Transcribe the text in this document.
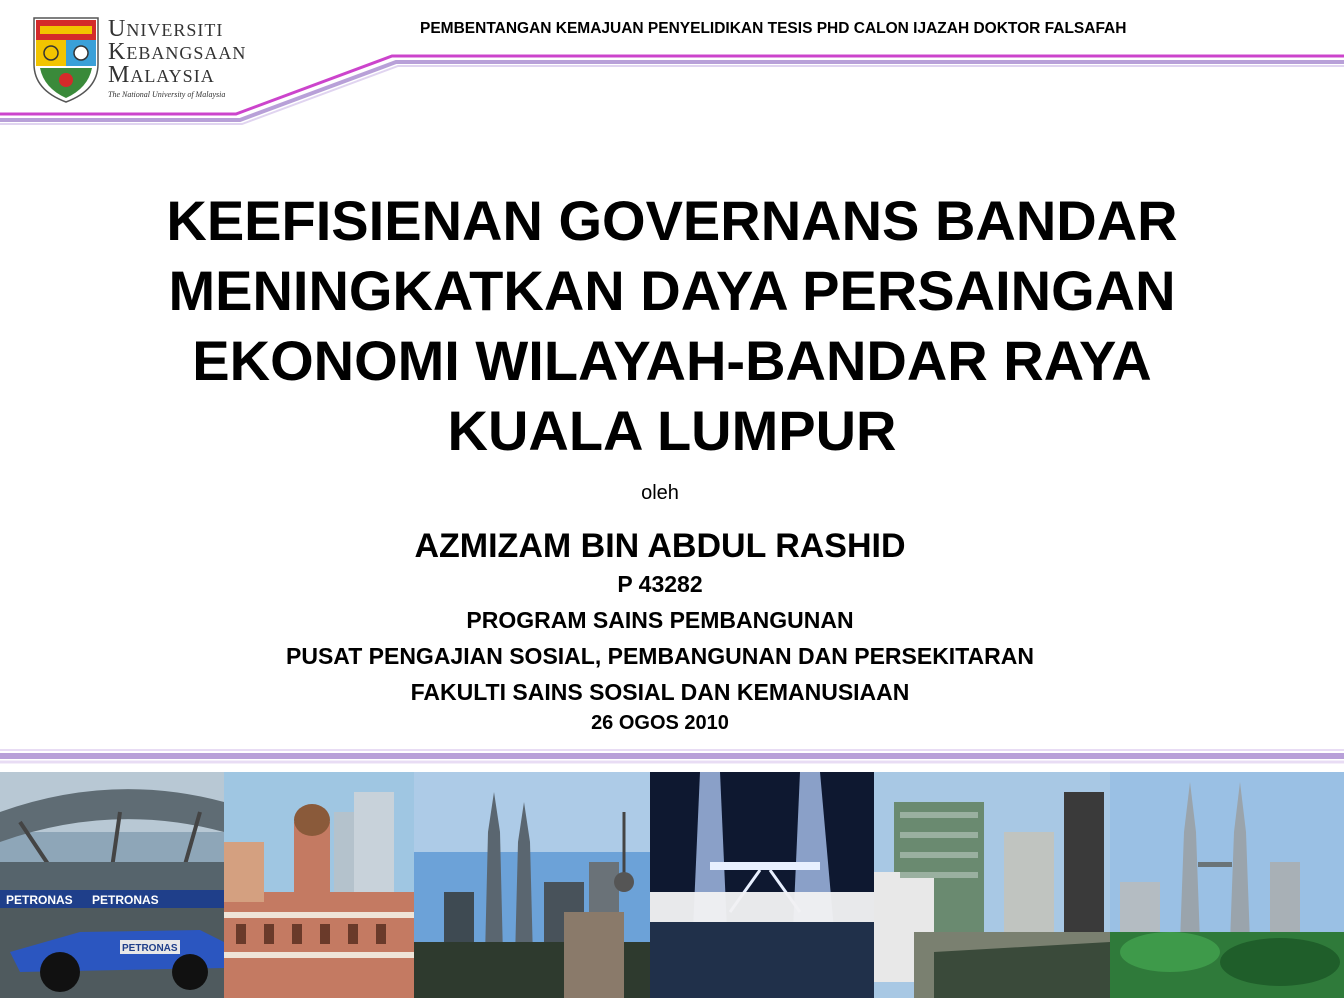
UNIVERSITI
KEBANGSAAN
MALAYSIA
The National University of Malaysia
PEMBENTANGAN KEMAJUAN PENYELIDIKAN TESIS PHD CALON IJAZAH DOKTOR FALSAFAH
KEEFISIENAN GOVERNANS BANDAR
MENINGKATKAN DAYA PERSAINGAN
EKONOMI WILAYAH-BANDAR RAYA
KUALA LUMPUR
oleh
AZMIZAM BIN ABDUL RASHID
P 43282
PROGRAM SAINS PEMBANGUNAN
PUSAT PENGAJIAN SOSIAL, PEMBANGUNAN DAN PERSEKITARAN
FAKULTI SAINS SOSIAL DAN KEMANUSIAAN
26 OGOS 2010
PETRONAS PETRONAS
PETRONAS
